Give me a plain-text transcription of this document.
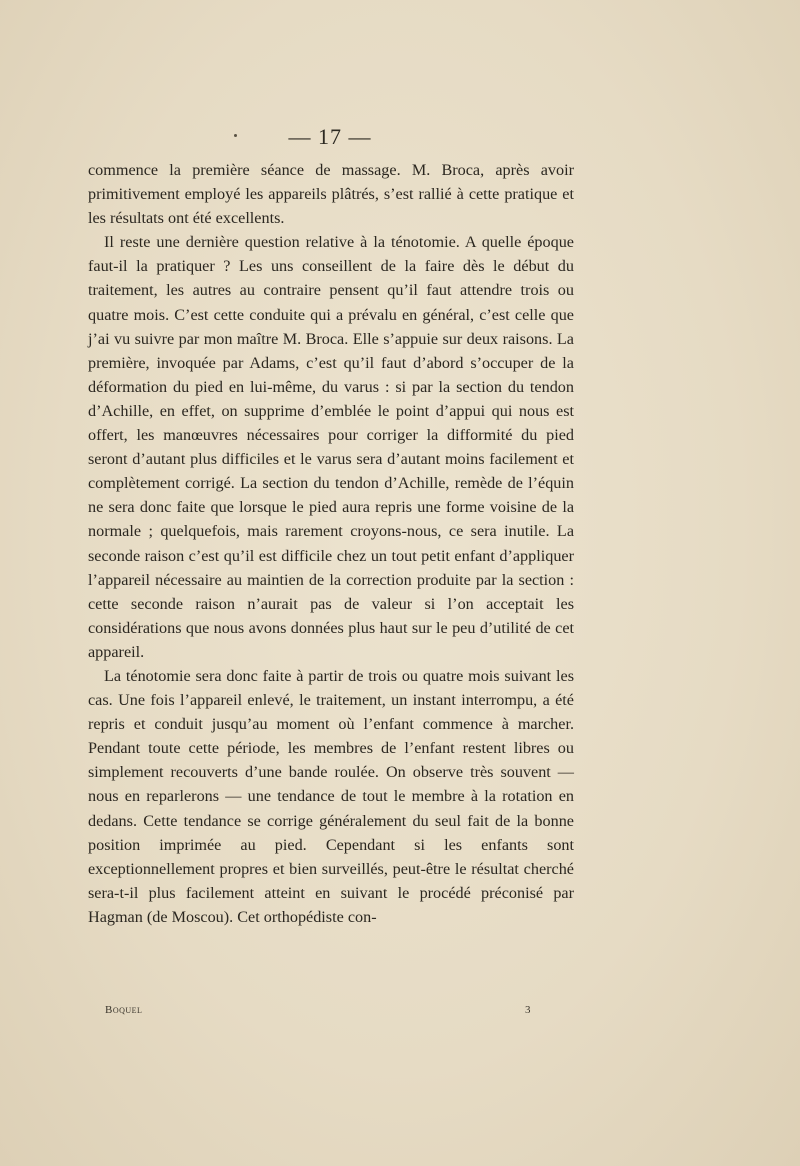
— 17 —

commence la première séance de massage. M. Broca, après avoir primitivement employé les appareils plâtrés, s’est rallié à cette pratique et les résultats ont été excellents.

Il reste une dernière question relative à la ténotomie. A quelle époque faut-il la pratiquer ? Les uns conseillent de la faire dès le début du traitement, les autres au contraire pensent qu’il faut attendre trois ou quatre mois. C’est cette conduite qui a prévalu en général, c’est celle que j’ai vu suivre par mon maître M. Broca. Elle s’appuie sur deux raisons. La première, invoquée par Adams, c’est qu’il faut d’abord s’occuper de la déformation du pied en lui-même, du varus : si par la section du tendon d’Achille, en effet, on supprime d’emblée le point d’appui qui nous est offert, les manœuvres nécessaires pour corriger la difformité du pied seront d’autant plus difficiles et le varus sera d’autant moins facilement et complètement corrigé. La section du tendon d’Achille, remède de l’équin ne sera donc faite que lorsque le pied aura repris une forme voisine de la normale ; quelquefois, mais rarement croyons-nous, ce sera inutile. La seconde raison c’est qu’il est difficile chez un tout petit enfant d’appliquer l’appareil nécessaire au maintien de la correction produite par la section : cette seconde raison n’aurait pas de valeur si l’on acceptait les considérations que nous avons données plus haut sur le peu d’utilité de cet appareil.

La ténotomie sera donc faite à partir de trois ou quatre mois suivant les cas. Une fois l’appareil enlevé, le traitement, un instant interrompu, a été repris et conduit jusqu’au moment où l’enfant commence à marcher. Pendant toute cette période, les membres de l’enfant restent libres ou simplement recouverts d’une bande roulée. On observe très souvent — nous en reparlerons — une tendance de tout le membre à la rotation en dedans. Cette tendance se corrige généralement du seul fait de la bonne position imprimée au pied. Cependant si les enfants sont exceptionnellement propres et bien surveillés, peut-être le résultat cherché sera-t-il plus facilement atteint en suivant le procédé préconisé par Hagman (de Moscou). Cet orthopédiste con-

Boquel	3
